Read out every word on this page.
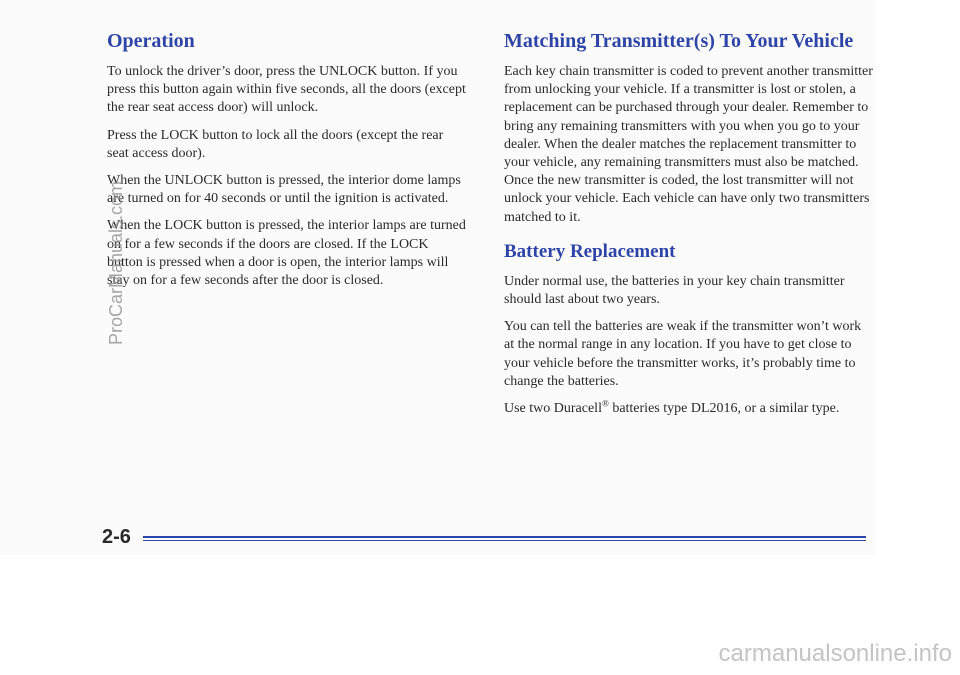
Operation

To unlock the driver’s door, press the UNLOCK button. If you press this button again within five seconds, all the doors (except the rear seat access door) will unlock.

Press the LOCK button to lock all the doors (except the rear seat access door).

When the UNLOCK button is pressed, the interior dome lamps are turned on for 40 seconds or until the ignition is activated.

When the LOCK button is pressed, the interior lamps are turned on for a few seconds if the doors are closed. If the LOCK button is pressed when a door is open, the interior lamps will stay on for a few seconds after the door is closed.

Matching Transmitter(s) To Your Vehicle

Each key chain transmitter is coded to prevent another transmitter from unlocking your vehicle. If a transmitter is lost or stolen, a replacement can be purchased through your dealer. Remember to bring any remaining transmitters with you when you go to your dealer. When the dealer matches the replacement transmitter to your vehicle, any remaining transmitters must also be matched. Once the new transmitter is coded, the lost transmitter will not unlock your vehicle. Each vehicle can have only two transmitters matched to it.

Battery Replacement

Under normal use, the batteries in your key chain transmitter should last about two years.

You can tell the batteries are weak if the transmitter won’t work at the normal range in any location. If you have to get close to your vehicle before the transmitter works, it’s probably time to change the batteries.

Use two Duracell® batteries type DL2016, or a similar type.

2-6
ProCarManuals.com
carmanualsonline.info
